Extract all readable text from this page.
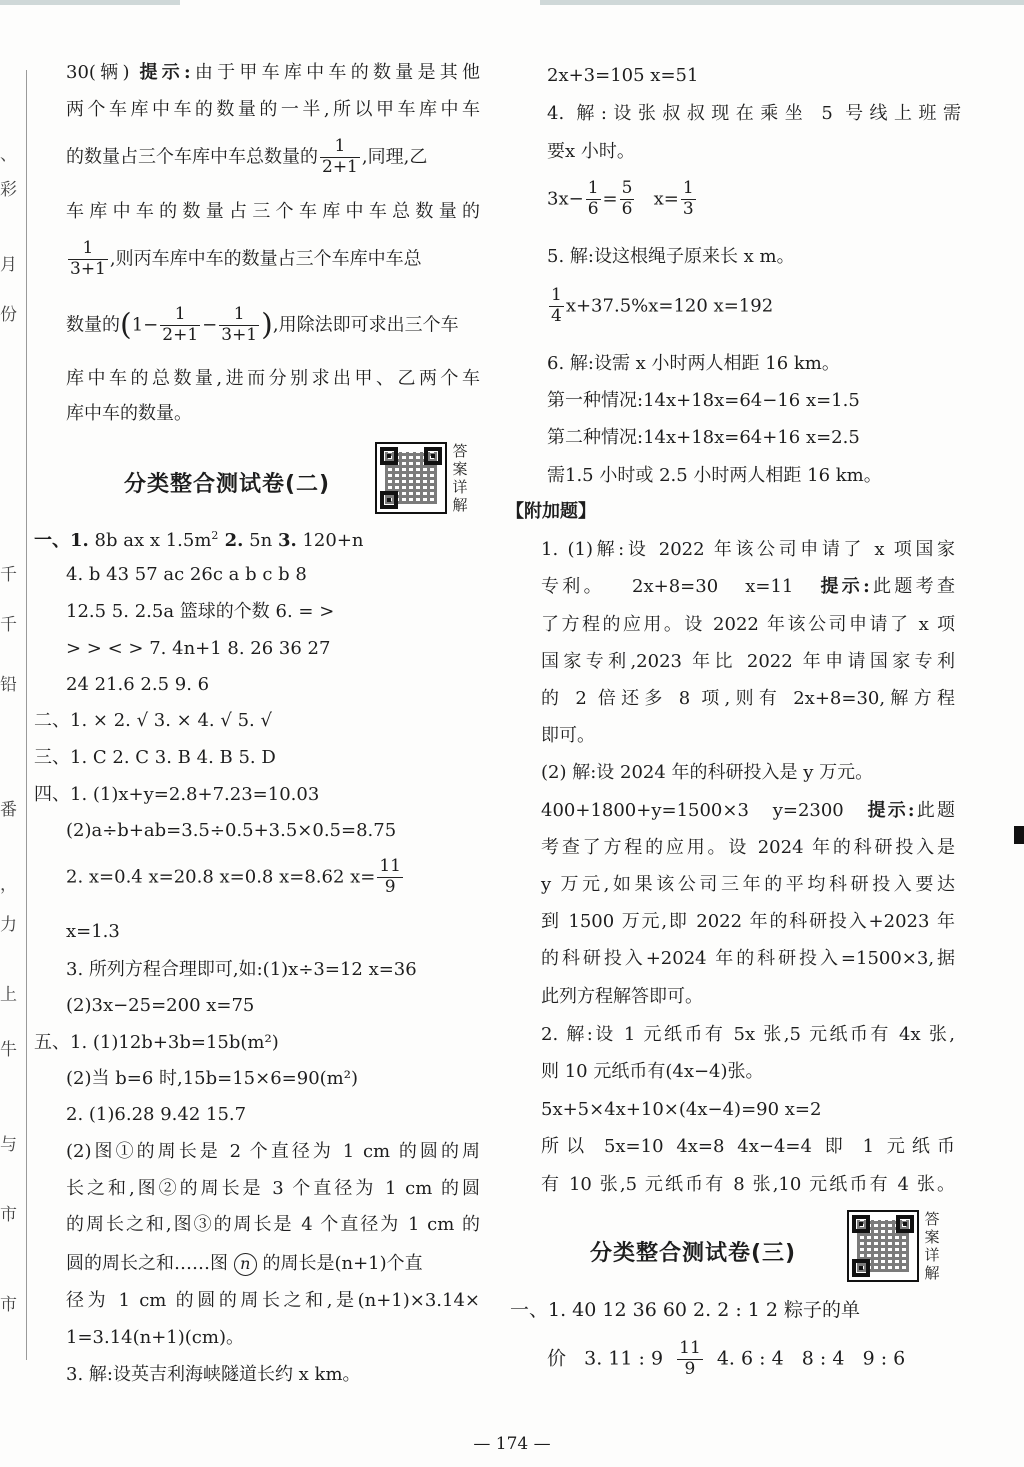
、
彩
月
份
千
千
铅
番
，
力
上
牛
与
市
市
30(辆) 提示:由于甲车库中车的数量是其他
两个车库中车的数量的一半,所以甲车库中车
的数量占三个车库中车总数量的 $\frac{1}{2+1}$ ,同理,乙
车库中车的数量占三个车库中车总数量的
$\frac{1}{3+1}$ ,则丙车库中车的数量占三个车库中车总
数量的($1- \frac{1}{2+1} - \frac{1}{3+1}$ ),用除法即可求出三个车
库中车的总数量,进而分别求出甲、乙两个车
库中车的数量。
分类整合测试卷(二)
答案详解
一、1. 8b ax x $1.5m^2$ 2. 5n 3. 120+n
4. b 43 57 ac 26c a b c b 8
12.5 5. 2.5a 篮球的个数 6. = >
> > < > 7. 4n+1 8. 26 36 27
24 21.6 2.5 9. 6
二、1. × 2. √ 3. × 4. √ 5. √
三、1. C 2. C 3. B 4. B 5. D
四、1. (1)x+y=2.8+7.23=10.03
(2)a÷b+ab=3.5÷0.5+3.5×0.5=8.75
2. x=0.4 x=20.8 x=0.8 x=8.62 $x= \frac{11}{9}$
x=1.3
3. 所列方程合理即可,如:(1)x÷3=12 x=36
(2)3x−25=200 x=75
五、1. (1)12b+3b=15b(m²)
(2)当 b=6 时,15b=15×6=90(m²)
2. (1)6.28 9.42 15.7
(2)图①的周长是 2 个直径为 1 cm 的圆的周
长之和,图②的周长是 3 个直径为 1 cm 的圆
的周长之和,图③的周长是 4 个直径为 1 cm 的
圆的周长之和……图 n 的周长是(n+1)个直
径为 1 cm 的圆的周长之和,是(n+1)×3.14×
1=3.14(n+1)(cm)。
3. 解:设英吉利海峡隧道长约 x km。
2x+3=105 x=51
4. 解:设张叔叔现在乘坐 5 号线上班需
要x 小时。
$3x- \frac{1}{6} = \frac{5}{6} x= \frac{1}{3}$
5. 解:设这根绳子原来长 x m。
$\frac{1}{4} x+37.5\%x=120$ x=192
6. 解:设需 x 小时两人相距 16 km。
第一种情况:14x+18x=64−16 x=1.5
第二种情况:14x+18x=64+16 x=2.5
需1.5 小时或 2.5 小时两人相距 16 km。
【附加题】
1. (1)解:设 2022 年该公司申请了 x 项国家
专利。   2x+8=30   x=11   提示:此题考查
了方程的应用。设 2022 年该公司申请了 x 项
国家专利,2023 年比 2022 年申请国家专利
的 2 倍还多 8 项,则有 2x+8=30,解方程
即可。
(2) 解:设 2024 年的科研投入是 y 万元。
400+1800+y=1500×3   y=2300   提示:此题
考查了方程的应用。设 2024 年的科研投入是
y 万元,如果该公司三年的平均科研投入要达
到 1500 万元,即 2022 年的科研投入+2023 年
的科研投入+2024 年的科研投入=1500×3,据
此列方程解答即可。
2. 解:设 1 元纸币有 5x 张,5 元纸币有 4x 张,
则 10 元纸币有(4x−4)张。
5x+5×4x+10×(4x−4)=90 x=2
所以 5x=10 4x=8 4x−4=4 即 1 元纸币
有 10 张,5 元纸币有 8 张,10 元纸币有 4 张。
分类整合测试卷(三)
答案详解
一、1. 40 12 36 60 2. 2 : 1 2 粽子的单
价   3. 11 : $9 \frac{11}{9} 4$. 6 : 4   8 : 4   9 : 6
— 174 —
